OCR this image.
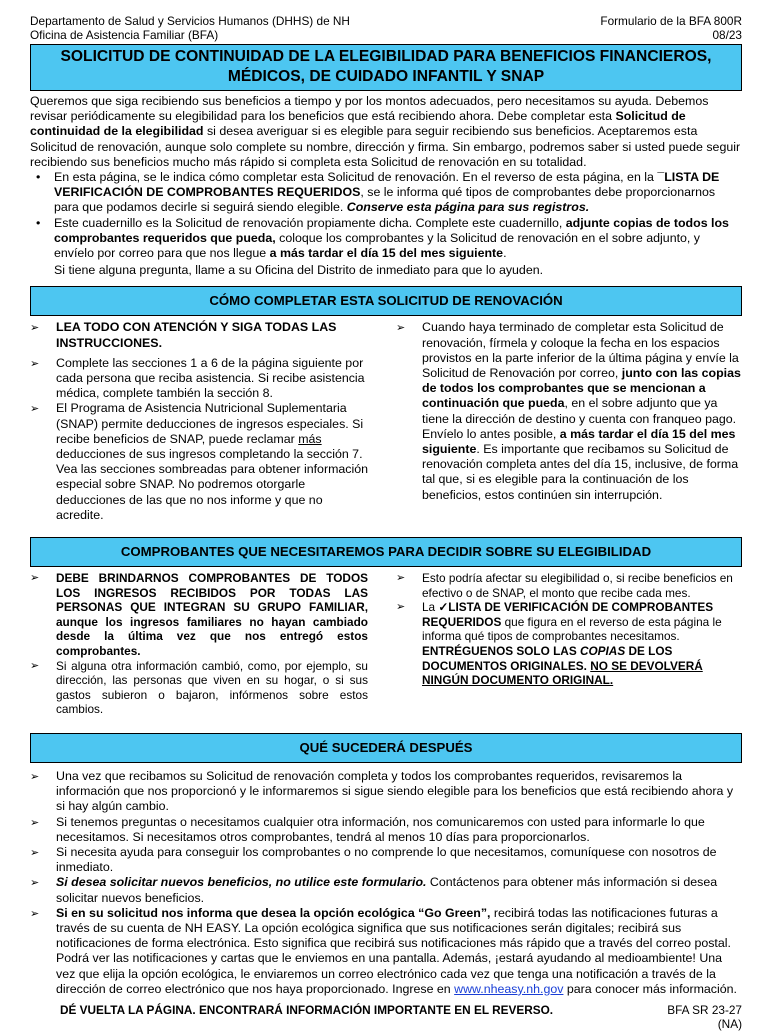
Departamento de Salud y Servicios Humanos (DHHS) de NH
Oficina de Asistencia Familiar (BFA)
Formulario de la BFA 800R
08/23
SOLICITUD DE CONTINUIDAD DE LA ELEGIBILIDAD PARA BENEFICIOS FINANCIEROS,
MÉDICOS, DE CUIDADO INFANTIL Y SNAP

Queremos que siga recibiendo sus beneficios a tiempo y por los montos adecuados, pero necesitamos su ayuda. Debemos revisar periódicamente su elegibilidad para los beneficios que está recibiendo ahora. Debe completar esta Solicitud de continuidad de la elegibilidad si desea averiguar si es elegible para seguir recibiendo sus beneficios. Aceptaremos esta Solicitud de renovación, aunque solo complete su nombre, dirección y firma. Sin embargo, podremos saber si usted puede seguir recibiendo sus beneficios mucho más rápido si completa esta Solicitud de renovación en su totalidad.

• En esta página, se le indica cómo completar esta Solicitud de renovación. En el reverso de esta página, en la ¯LISTA DE VERIFICACIÓN DE COMPROBANTES REQUERIDOS, se le informa qué tipos de comprobantes debe proporcionarnos para que podamos decirle si seguirá siendo elegible. Conserve esta página para sus registros.
• Este cuadernillo es la Solicitud de renovación propiamente dicha. Complete este cuadernillo, adjunte copias de todos los comprobantes requeridos que pueda, coloque los comprobantes y la Solicitud de renovación en el sobre adjunto, y envíelo por correo para que nos llegue a más tardar el día 15 del mes siguiente.
Si tiene alguna pregunta, llame a su Oficina del Distrito de inmediato para que lo ayuden.
CÓMO COMPLETAR ESTA SOLICITUD DE RENOVACIÓN
➢ LEA TODO CON ATENCIÓN Y SIGA TODAS LAS INSTRUCCIONES.
➢ Complete las secciones 1 a 6 de la página siguiente por cada persona que reciba asistencia. Si recibe asistencia médica, complete también la sección 8.
➢ El Programa de Asistencia Nutricional Suplementaria (SNAP) permite deducciones de ingresos especiales. Si recibe beneficios de SNAP, puede reclamar más deducciones de sus ingresos completando la sección 7. Vea las secciones sombreadas para obtener información especial sobre SNAP. No podremos otorgarle deducciones de las que no nos informe y que no acredite.
➢ Cuando haya terminado de completar esta Solicitud de renovación, fírmela y coloque la fecha en los espacios provistos en la parte inferior de la última página y envíe la Solicitud de Renovación por correo, junto con las copias de todos los comprobantes que se mencionan a continuación que pueda, en el sobre adjunto que ya tiene la dirección de destino y cuenta con franqueo pago. Envíelo lo antes posible, a más tardar el día 15 del mes siguiente. Es importante que recibamos su Solicitud de renovación completa antes del día 15, inclusive, de forma tal que, si es elegible para la continuación de los beneficios, estos continúen sin interrupción.
COMPROBANTES QUE NECESITAREMOS PARA DECIDIR SOBRE SU ELEGIBILIDAD
➢ DEBE BRINDARNOS COMPROBANTES DE TODOS LOS INGRESOS RECIBIDOS POR TODAS LAS PERSONAS QUE INTEGRAN SU GRUPO FAMILIAR, aunque los ingresos familiares no hayan cambiado desde la última vez que nos entregó estos comprobantes.
➢ Si alguna otra información cambió, como, por ejemplo, su dirección, las personas que viven en su hogar, o si sus gastos subieron o bajaron, infórmenos sobre estos cambios.
➢ Esto podría afectar su elegibilidad o, si recibe beneficios en efectivo o de SNAP, el monto que recibe cada mes.
➢ La ✓LISTA DE VERIFICACIÓN DE COMPROBANTES REQUERIDOS que figura en el reverso de esta página le informa qué tipos de comprobantes necesitamos. ENTRÉGUENOS SOLO LAS COPIAS DE LOS DOCUMENTOS ORIGINALES. NO SE DEVOLVERÁ NINGÚN DOCUMENTO ORIGINAL.
QUÉ SUCEDERÁ DESPUÉS
➢ Una vez que recibamos su Solicitud de renovación completa y todos los comprobantes requeridos, revisaremos la información que nos proporcionó y le informaremos si sigue siendo elegible para los beneficios que está recibiendo ahora y si hay algún cambio.
➢ Si tenemos preguntas o necesitamos cualquier otra información, nos comunicaremos con usted para informarle lo que necesitamos. Si necesitamos otros comprobantes, tendrá al menos 10 días para proporcionarlos.
➢ Si necesita ayuda para conseguir los comprobantes o no comprende lo que necesitamos, comuníquese con nosotros de inmediato.
➢ Si desea solicitar nuevos beneficios, no utilice este formulario. Contáctenos para obtener más información si desea solicitar nuevos beneficios.
➢ Si en su solicitud nos informa que desea la opción ecológica “Go Green”, recibirá todas las notificaciones futuras a través de su cuenta de NH EASY. La opción ecológica significa que sus notificaciones serán digitales; recibirá sus notificaciones de forma electrónica. Esto significa que recibirá sus notificaciones más rápido que a través del correo postal. Podrá ver las notificaciones y cartas que le enviemos en una pantalla. Además, ¡estará ayudando al medioambiente! Una vez que elija la opción ecológica, le enviaremos un correo electrónico cada vez que tenga una notificación a través de la dirección de correo electrónico que nos haya proporcionado. Ingrese en www.nheasy.nh.gov para conocer más información.
DÉ VUELTA LA PÁGINA. ENCONTRARÁ INFORMACIÓN IMPORTANTE EN EL REVERSO.	BFA SR 23-27
(NA)
